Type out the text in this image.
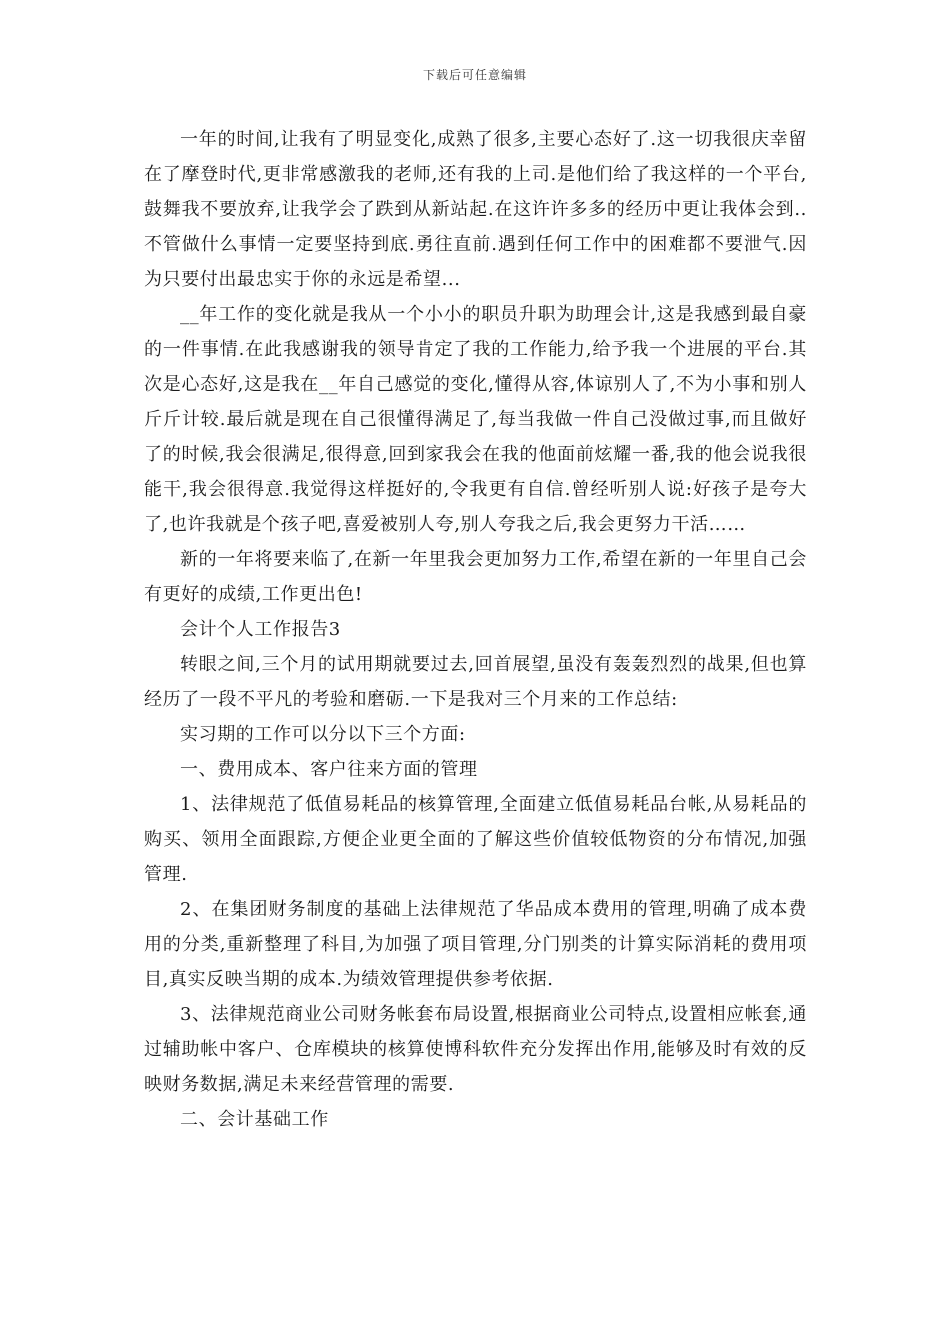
下载后可任意编辑

一年的时间,让我有了明显变化,成熟了很多,主要心态好了.这一切我很庆幸留在了摩登时代,更非常感激我的老师,还有我的上司.是他们给了我这样的一个平台,鼓舞我不要放弃,让我学会了跌到从新站起.在这许许多多的经历中更让我体会到..不管做什么事情一定要坚持到底.勇往直前.遇到任何工作中的困难都不要泄气.因为只要付出最忠实于你的永远是希望...

__年工作的变化就是我从一个小小的职员升职为助理会计,这是我感到最自豪的一件事情.在此我感谢我的领导肯定了我的工作能力,给予我一个进展的平台.其次是心态好,这是我在__年自己感觉的变化,懂得从容,体谅别人了,不为小事和别人斤斤计较.最后就是现在自己很懂得满足了,每当我做一件自己没做过事,而且做好了的时候,我会很满足,很得意,回到家我会在我的他面前炫耀一番,我的他会说我很能干,我会很得意.我觉得这样挺好的,令我更有自信.曾经听别人说:好孩子是夸大了,也许我就是个孩子吧,喜爱被别人夸,别人夸我之后,我会更努力干活……

新的一年将要来临了,在新一年里我会更加努力工作,希望在新的一年里自己会有更好的成绩,工作更出色!

会计个人工作报告3

转眼之间,三个月的试用期就要过去,回首展望,虽没有轰轰烈烈的战果,但也算经历了一段不平凡的考验和磨砺.一下是我对三个月来的工作总结:

实习期的工作可以分以下三个方面:

一、费用成本、客户往来方面的管理

1、法律规范了低值易耗品的核算管理,全面建立低值易耗品台帐,从易耗品的购买、领用全面跟踪,方便企业更全面的了解这些价值较低物资的分布情况,加强管理.

2、在集团财务制度的基础上法律规范了华品成本费用的管理,明确了成本费用的分类,重新整理了科目,为加强了项目管理,分门别类的计算实际消耗的费用项目,真实反映当期的成本.为绩效管理提供参考依据.

3、法律规范商业公司财务帐套布局设置,根据商业公司特点,设置相应帐套,通过辅助帐中客户、仓库模块的核算使博科软件充分发挥出作用,能够及时有效的反映财务数据,满足未来经营管理的需要.

二、会计基础工作
